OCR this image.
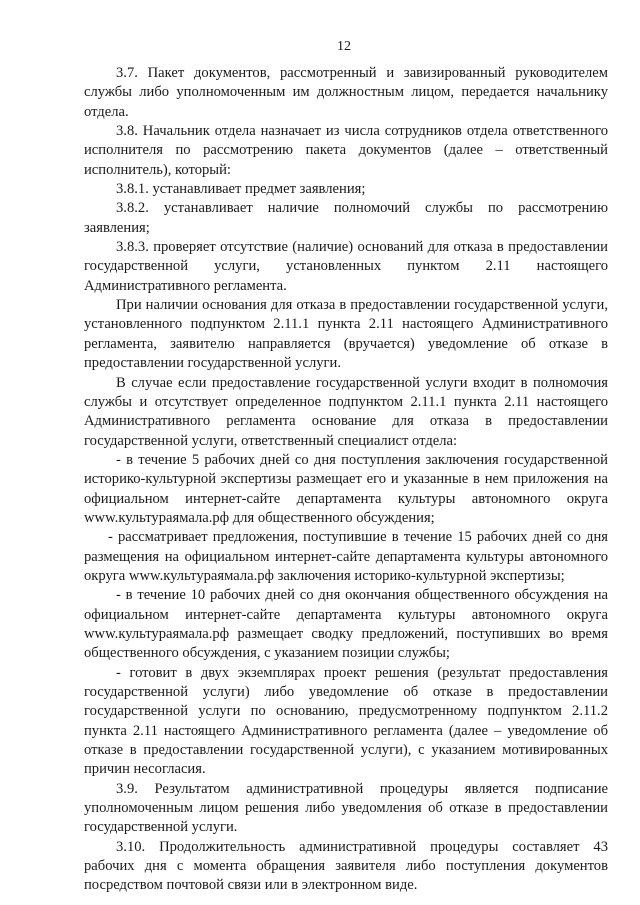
12

3.7. Пакет документов, рассмотренный и завизированный руководителем службы либо уполномоченным им должностным лицом, передается начальнику отдела.

3.8. Начальник отдела назначает из числа сотрудников отдела ответственного исполнителя по рассмотрению пакета документов (далее – ответственный исполнитель), который:

3.8.1. устанавливает предмет заявления;

3.8.2. устанавливает наличие полномочий службы по рассмотрению заявления;

3.8.3. проверяет отсутствие (наличие) оснований для отказа в предоставлении государственной услуги, установленных пунктом 2.11 настоящего Административного регламента.

При наличии основания для отказа в предоставлении государственной услуги, установленного подпунктом 2.11.1 пункта 2.11 настоящего Административного регламента, заявителю направляется (вручается) уведомление об отказе в предоставлении государственной услуги.

В случае если предоставление государственной услуги входит в полномочия службы и отсутствует определенное подпунктом 2.11.1 пункта 2.11 настоящего Административного регламента основание для отказа в предоставлении государственной услуги, ответственный специалист отдела:

- в течение 5 рабочих дней со дня поступления заключения государственной историко-культурной экспертизы размещает его и указанные в нем приложения на официальном интернет-сайте департамента культуры автономного округа www.культураямала.рф для общественного обсуждения;

- рассматривает предложения, поступившие в течение 15 рабочих дней со дня размещения на официальном интернет-сайте департамента культуры автономного округа www.культураямала.рф заключения историко-культурной экспертизы;

- в течение 10 рабочих дней со дня окончания общественного обсуждения на официальном интернет-сайте департамента культуры автономного округа www.культураямала.рф размещает сводку предложений, поступивших во время общественного обсуждения, с указанием позиции службы;

- готовит в двух экземплярах проект решения (результат предоставления государственной услуги) либо уведомление об отказе в предоставлении государственной услуги по основанию, предусмотренному подпунктом 2.11.2 пункта 2.11 настоящего Административного регламента (далее – уведомление об отказе в предоставлении государственной услуги), с указанием мотивированных причин несогласия.

3.9. Результатом административной процедуры является подписание уполномоченным лицом решения либо уведомления об отказе в предоставлении государственной услуги.

3.10. Продолжительность административной процедуры составляет 43 рабочих дня с момента обращения заявителя либо поступления документов посредством почтовой связи или в электронном виде.
